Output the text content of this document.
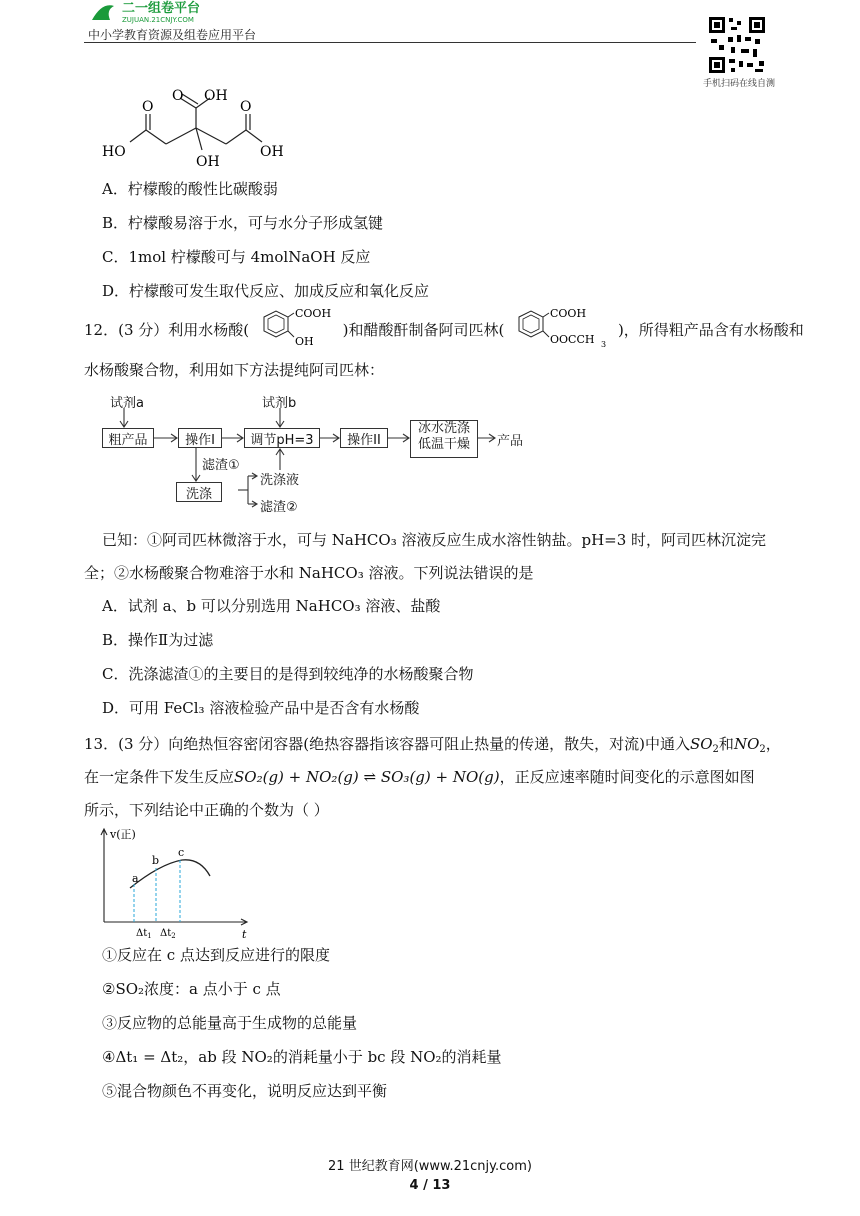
二一组卷平台
ZUJUAN.21CNJY.COM
中小学教育资源及组卷应用平台
手机扫码在线自测
O
OH
O
O
HO	OH
OH
A．柠檬酸的酸性比碳酸弱
B．柠檬酸易溶于水，可与水分子形成氢键
C．1mol 柠檬酸可与 4molNaOH 反应
D．柠檬酸可发生取代反应、加成反应和氧化反应
12．(3 分）利用水杨酸(
COOH
OH
)和醋酸酐制备阿司匹林(
COOH
OOCCH 3
)，所得粗产品含有水杨酸和
水杨酸聚合物，利用如下方法提纯阿司匹林：
试剂a	试剂b
粗产品	操作I	调节pH=3	操作II
冰水洗涤
低温干燥	产品
滤渣①
洗涤
洗涤液
滤渣②
已知：①阿司匹林微溶于水，可与 NaHCO₃ 溶液反应生成水溶性钠盐。pH=3 时，阿司匹林沉淀完
全；②水杨酸聚合物难溶于水和 NaHCO₃ 溶液。下列说法错误的是
A．试剂 a、b 可以分别选用 NaHCO₃ 溶液、盐酸
B．操作Ⅱ为过滤
C．洗涤滤渣①的主要目的是得到较纯净的水杨酸聚合物
D．可用 FeCl₃ 溶液检验产品中是否含有水杨酸
13．(3 分）向绝热恒容密闭容器(绝热容器指该容器可阻止热量的传递，散失，对流)中通入$SO_2$和$NO_2$，
在一定条件下发生反应SO₂(g) + NO₂(g) ⇌ SO₃(g) + NO(g)，正反应速率随时间变化的示意图如图
所示，下列结论中正确的个数为（ ）
v(正)
t
a
b
c
$\Delta t_1$ $\Delta t_2$
①反应在 c 点达到反应进行的限度
②SO₂浓度：a 点小于 c 点
③反应物的总能量高于生成物的总能量
④Δt₁ = Δt₂，ab 段 NO₂的消耗量小于 bc 段 NO₂的消耗量
⑤混合物颜色不再变化，说明反应达到平衡
21 世纪教育网(www.21cnjy.com)
4 / 13
